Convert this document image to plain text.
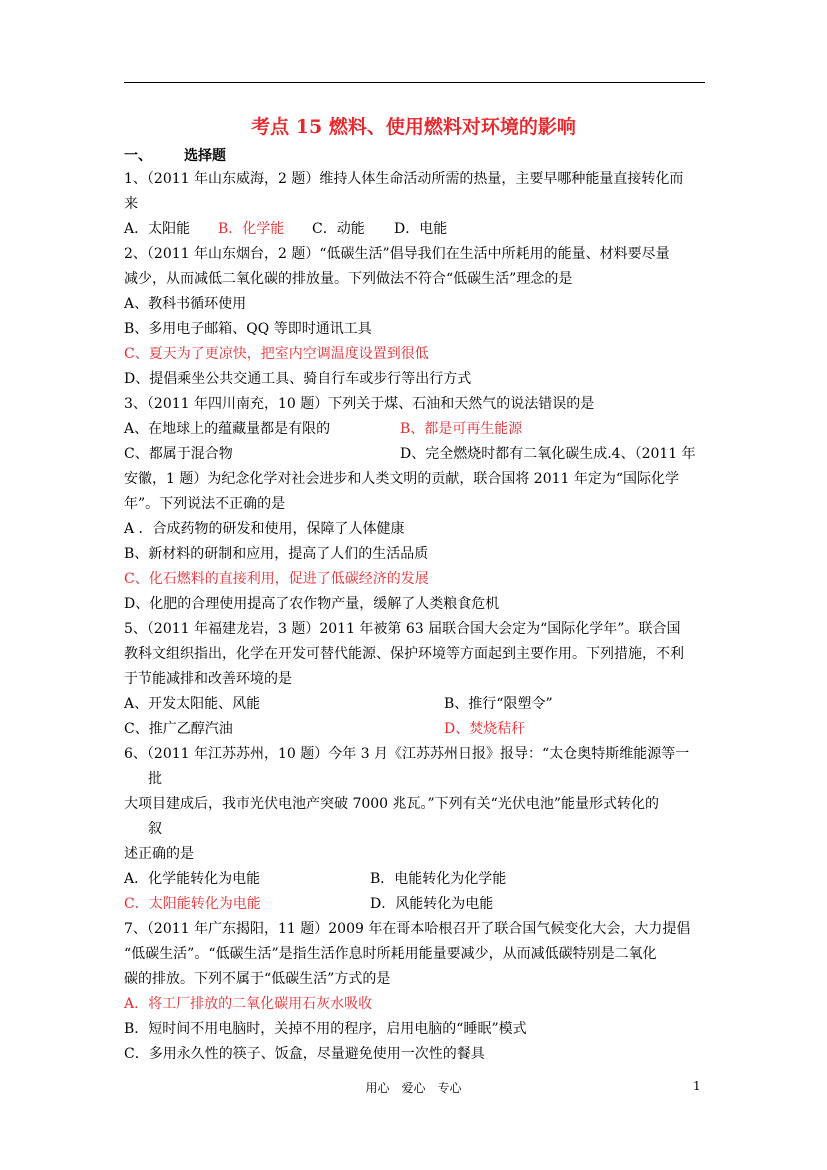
考点 15 燃料、使用燃料对环境的影响
一、 选择题
1、（2011 年山东威海，2 题）维持人体生命活动所需的热量，主要早哪种能量直接转化而
来
A．太阳能 B．化学能 C．动能 D．电能
2、（2011 年山东烟台，2 题）“低碳生活”倡导我们在生活中所耗用的能量、材料要尽量
减少，从而减低二氧化碳的排放量。下列做法不符合“低碳生活”理念的是
A、教科书循环使用
B、多用电子邮箱、QQ 等即时通讯工具
C、夏天为了更凉快，把室内空调温度设置到很低
D、提倡乘坐公共交通工具、骑自行车或步行等出行方式
3、（2011 年四川南充，10 题）下列关于煤、石油和天然气的说法错误的是
A、在地球上的蕴藏量都是有限的	B、都是可再生能源
C、都属于混合物	D、完全燃烧时都有二氧化碳生成.4、（2011 年
安徽，1 题）为纪念化学对社会进步和人类文明的贡献，联合国将 2011 年定为“国际化学
年”。下列说法不正确的是
A ．合成药物的研发和使用，保障了人体健康
B、新材料的研制和应用，提高了人们的生活品质
C、化石燃料的直接利用，促进了低碳经济的发展
D、化肥的合理使用提高了农作物产量，缓解了人类粮食危机
5、（2011 年福建龙岩，3 题）2011 年被第 63 届联合国大会定为“国际化学年”。联合国
教科文组织指出，化学在开发可替代能源、保护环境等方面起到主要作用。下列措施，不利
于节能减排和改善环境的是
A、开发太阳能、风能	B、推行“限塑令”
C、推广乙醇汽油	D、焚烧秸秆
6、（2011 年江苏苏州，10 题）今年 3 月《江苏苏州日报》报导：“太仓奥特斯维能源等一
批
大项目建成后，我市光伏电池产突破 7000 兆瓦。”下列有关“光伏电池”能量形式转化的
叙
述正确的是
A．化学能转化为电能	B．电能转化为化学能
C．太阳能转化为电能	D．风能转化为电能
7、（2011 年广东揭阳，11 题）2009 年在哥本哈根召开了联合国气候变化大会，大力提倡
“低碳生活”。“低碳生活”是指生活作息时所耗用能量要减少，从而减低碳特别是二氧化
碳的排放。下列不属于“低碳生活”方式的是
A．将工厂排放的二氧化碳用石灰水吸收
B．短时间不用电脑时，关掉不用的程序，启用电脑的“睡眠”模式
C．多用永久性的筷子、饭盒，尽量避免使用一次性的餐具
用心　爱心　专心	1
